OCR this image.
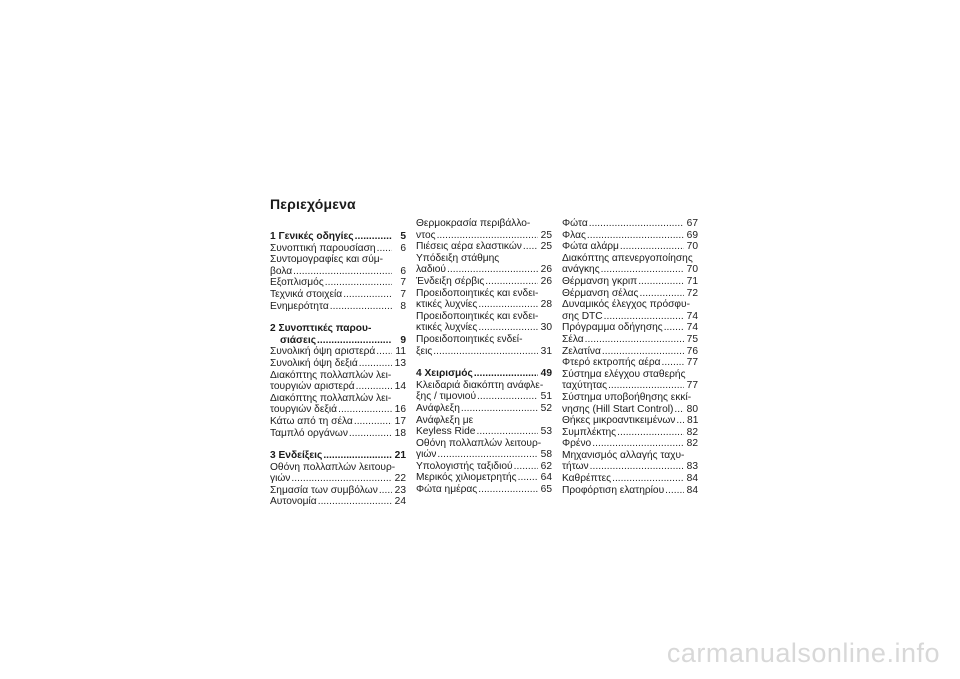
Περιεχόμενα
1 Γενικές οδηγίες . . .	5
Συνοπτική παρουσίαση . . .	6
Συντομογραφίες και σύμ-
βολα . . .	6
Εξοπλισμός . . .	7
Τεχνικά στοιχεία . . .	7
Ενημερότητα . . .	8
2 Συνοπτικές παρου-
σιάσεις . . .	9
Συνολική όψη αριστερά . . . 11
Συνολική όψη δεξιά . . .	13
Διακόπτης πολλαπλών λει-
τουργιών αριστερά . . .	14
Διακόπτης πολλαπλών λει-
τουργιών δεξιά . . .	16
Κάτω από τη σέλα . . .	17
Ταμπλό οργάνων . . .	18
3 Ενδείξεις . . .	21
Οθόνη πολλαπλών λειτουρ-
γιών . . .	22
Σημασία των συμβόλων . . . 23
Αυτονομία . . .	24
Θερμοκρασία περιβάλλο-
ντος . . .	25
Πιέσεις αέρα ελαστικών . . . 25
Υπόδειξη στάθμης
λαδιού . . .	26
Ένδειξη σέρβις . . .	26
Προειδοποιητικές και ενδει-
κτικές λυχνίες . . .	28
Προειδοποιητικές και ενδει-
κτικές λυχνίες . . .	30
Προειδοποιητικές ενδεί-
ξεις . . .	31
4 Χειρισμός . . .	49
Κλειδαριά διακόπτη ανάφλε-
ξης / τιμονιού . . .	51
Ανάφλεξη . . .	52
Ανάφλεξη με
Keyless Ride . . .	53
Οθόνη πολλαπλών λειτουρ-
γιών . . .	58
Υπολογιστής ταξιδιού . . .	62
Μερικός χιλιομετρητής . . . 64
Φώτα ημέρας . . .	65
Φώτα . . .	67
Φλας . . .	69
Φώτα αλάρμ . . .	70
Διακόπτης απενεργοποίησης
ανάγκης . . .	70
Θέρμανση γκριπ . . .	71
Θέρμανση σέλας . . .	72
Δυναμικός έλεγχος πρόσφυ-
σης DTC . . .	74
Πρόγραμμα οδήγησης . . . 74
Σέλα . . .	75
Ζελατίνα . . .	76
Φτερό εκτροπής αέρα . . .	77
Σύστημα ελέγχου σταθερής
ταχύτητας . . .	77
Σύστημα υποβοήθησης εκκί-
νησης (Hill Start Control) . . . 80
Θήκες μικροαντικειμένων . . . 81
Συμπλέκτης . . .	82
Φρένο . . .	82
Μηχανισμός αλλαγής ταχυ-
τήτων . . .	83
Καθρέπτες . . .	84
Προφόρτιση ελατηρίου . . . 84
carmanualsonline.info
